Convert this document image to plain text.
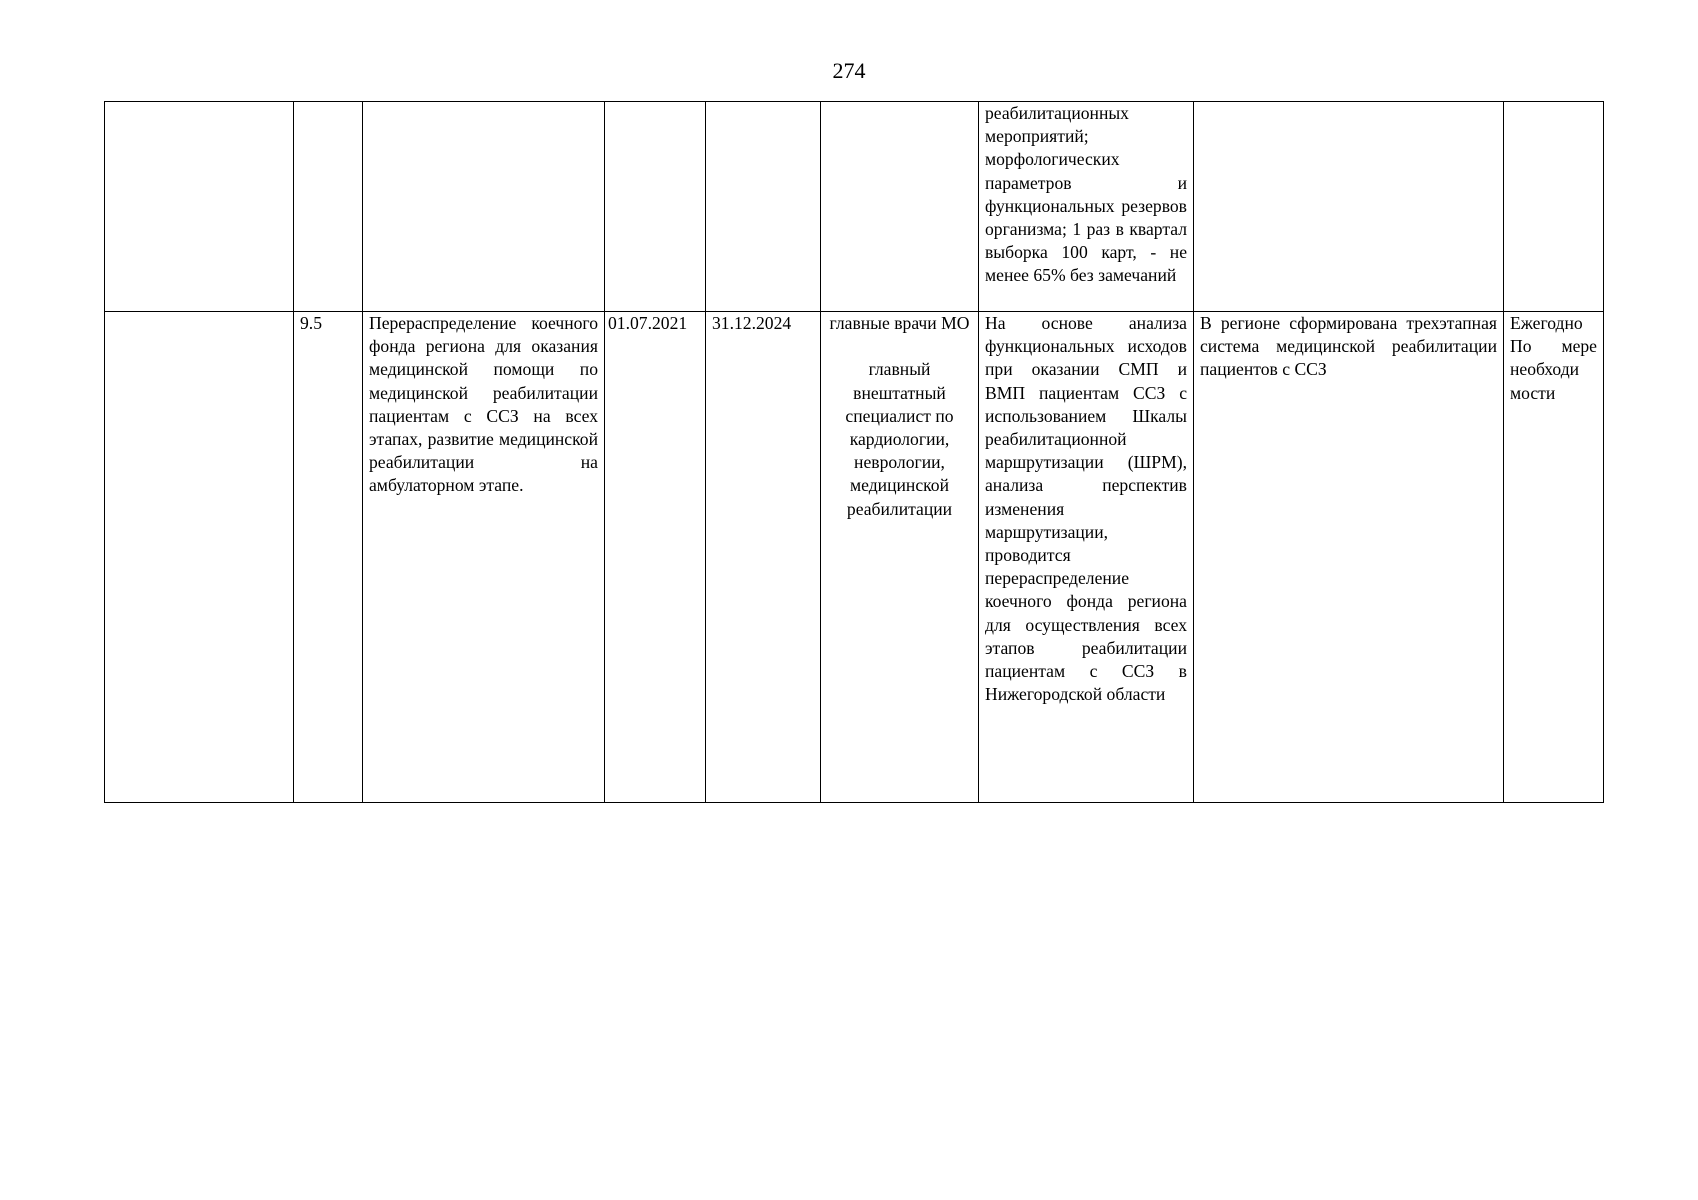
274
						реабилитационных мероприятий; морфологических параметров и функциональных резервов организма; 1 раз в квартал выборка 100 карт, - не менее 65% без замечаний		
	9.5	Перераспределение коечного фонда региона для оказания медицинской помощи по медицинской реабилитации пациентам с ССЗ на всех этапах, развитие медицинской реабилитации на амбулаторном этапе.	01.07.2021	31.12.2024	главные врачи МО
главный внештатный специалист по кардиологии, неврологии, медицинской реабилитации	На основе анализа функциональных исходов при оказании СМП и ВМП пациентам ССЗ с использованием Шкалы реабилитационной маршрутизации (ШРМ), анализа перспектив изменения маршрутизации, проводится перераспределение коечного фонда региона для осуществления всех этапов реабилитации пациентам с ССЗ в Нижегородской области	В регионе сформирована трехэтапная система медицинской реабилитации пациентов с ССЗ	Ежегодно
По мере необходи мости
